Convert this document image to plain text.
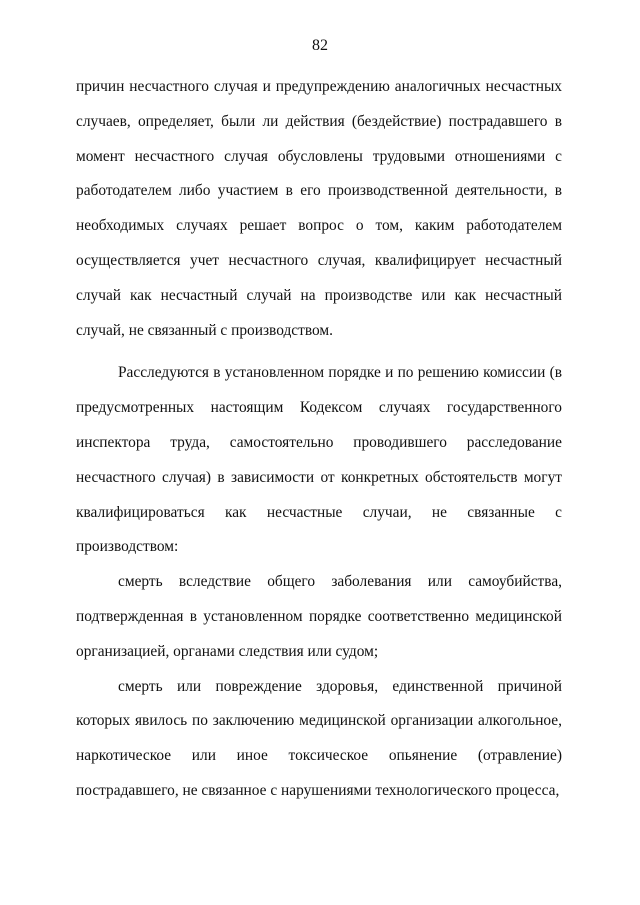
82

причин несчастного случая и предупреждению аналогичных несчастных случаев, определяет, были ли действия (бездействие) пострадавшего в момент несчастного случая обусловлены трудовыми отношениями с работодателем либо участием в его производственной деятельности, в необходимых случаях решает вопрос о том, каким работодателем осуществляется учет несчастного случая, квалифицирует несчастный случай как несчастный случай на производстве или как несчастный случай, не связанный с производством.

Расследуются в установленном порядке и по решению комиссии (в предусмотренных настоящим Кодексом случаях государственного инспектора труда, самостоятельно проводившего расследование несчастного случая) в зависимости от конкретных обстоятельств могут квалифицироваться как несчастные случаи, не связанные с производством:

смерть вследствие общего заболевания или самоубийства, подтвержденная в установленном порядке соответственно медицинской организацией, органами следствия или судом;

смерть или повреждение здоровья, единственной причиной которых явилось по заключению медицинской организации алкогольное, наркотическое или иное токсическое опьянение (отравление) пострадавшего, не связанное с нарушениями технологического процесса,
